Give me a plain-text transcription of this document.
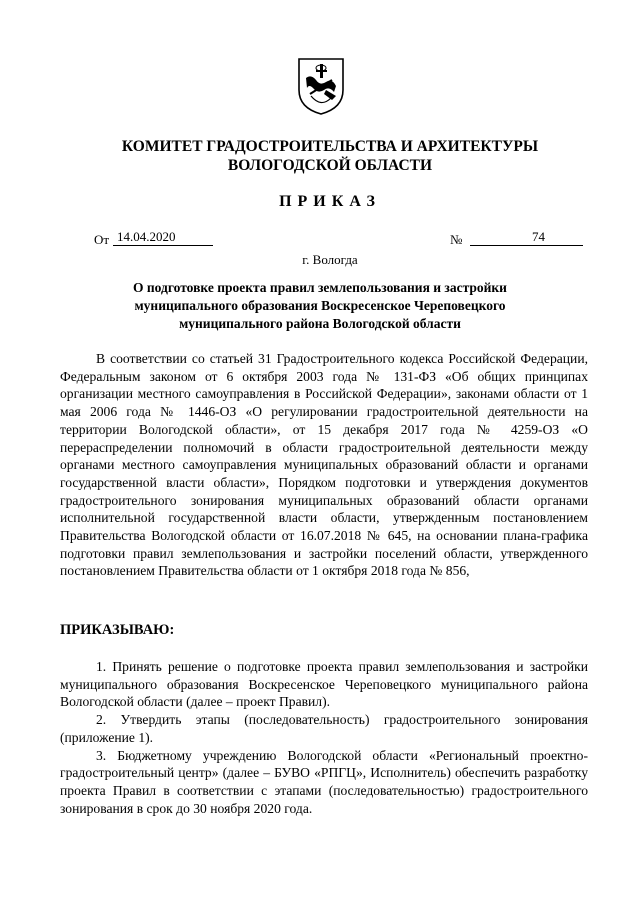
КОМИТЕТ ГРАДОСТРОИТЕЛЬСТВА И АРХИТЕКТУРЫ
ВОЛОГОДСКОЙ ОБЛАСТИ
ПРИКАЗ
От 14.04.2020	№	74
г. Вологда
О подготовке проекта правил землепользования и застройки
муниципального образования Воскресенское Череповецкого
муниципального района Вологодской области

В соответствии со статьей 31 Градостроительного кодекса Российской Федерации, Федеральным законом от 6 октября 2003 года № 131-ФЗ «Об общих принципах организации местного самоуправления в Российской Федерации», законами области от 1 мая 2006 года № 1446-ОЗ «О регулировании градостроительной деятельности на территории Вологодской области», от 15 декабря 2017 года № 4259-ОЗ «О перераспределении полномочий в области градостроительной деятельности между органами местного самоуправления муниципальных образований области и органами государственной власти области», Порядком подготовки и утверждения документов градостроительного зонирования муниципальных образований области органами исполнительной государственной власти области, утвержденным постановлением Правительства Вологодской области от 16.07.2018 № 645, на основании плана-графика подготовки правил землепользования и застройки поселений области, утвержденного постановлением Правительства области от 1 октября 2018 года № 856,

ПРИКАЗЫВАЮ:

1. Принять решение о подготовке проекта правил землепользования и застройки муниципального образования Воскресенское Череповецкого муниципального района Вологодской области (далее – проект Правил).

2. Утвердить этапы (последовательность) градостроительного зонирования (приложение 1).

3. Бюджетному учреждению Вологодской области «Региональный проектно-градостроительный центр» (далее – БУВО «РПГЦ», Исполнитель) обеспечить разработку проекта Правил в соответствии с этапами (последовательностью) градостроительного зонирования в срок до 30 ноября 2020 года.
